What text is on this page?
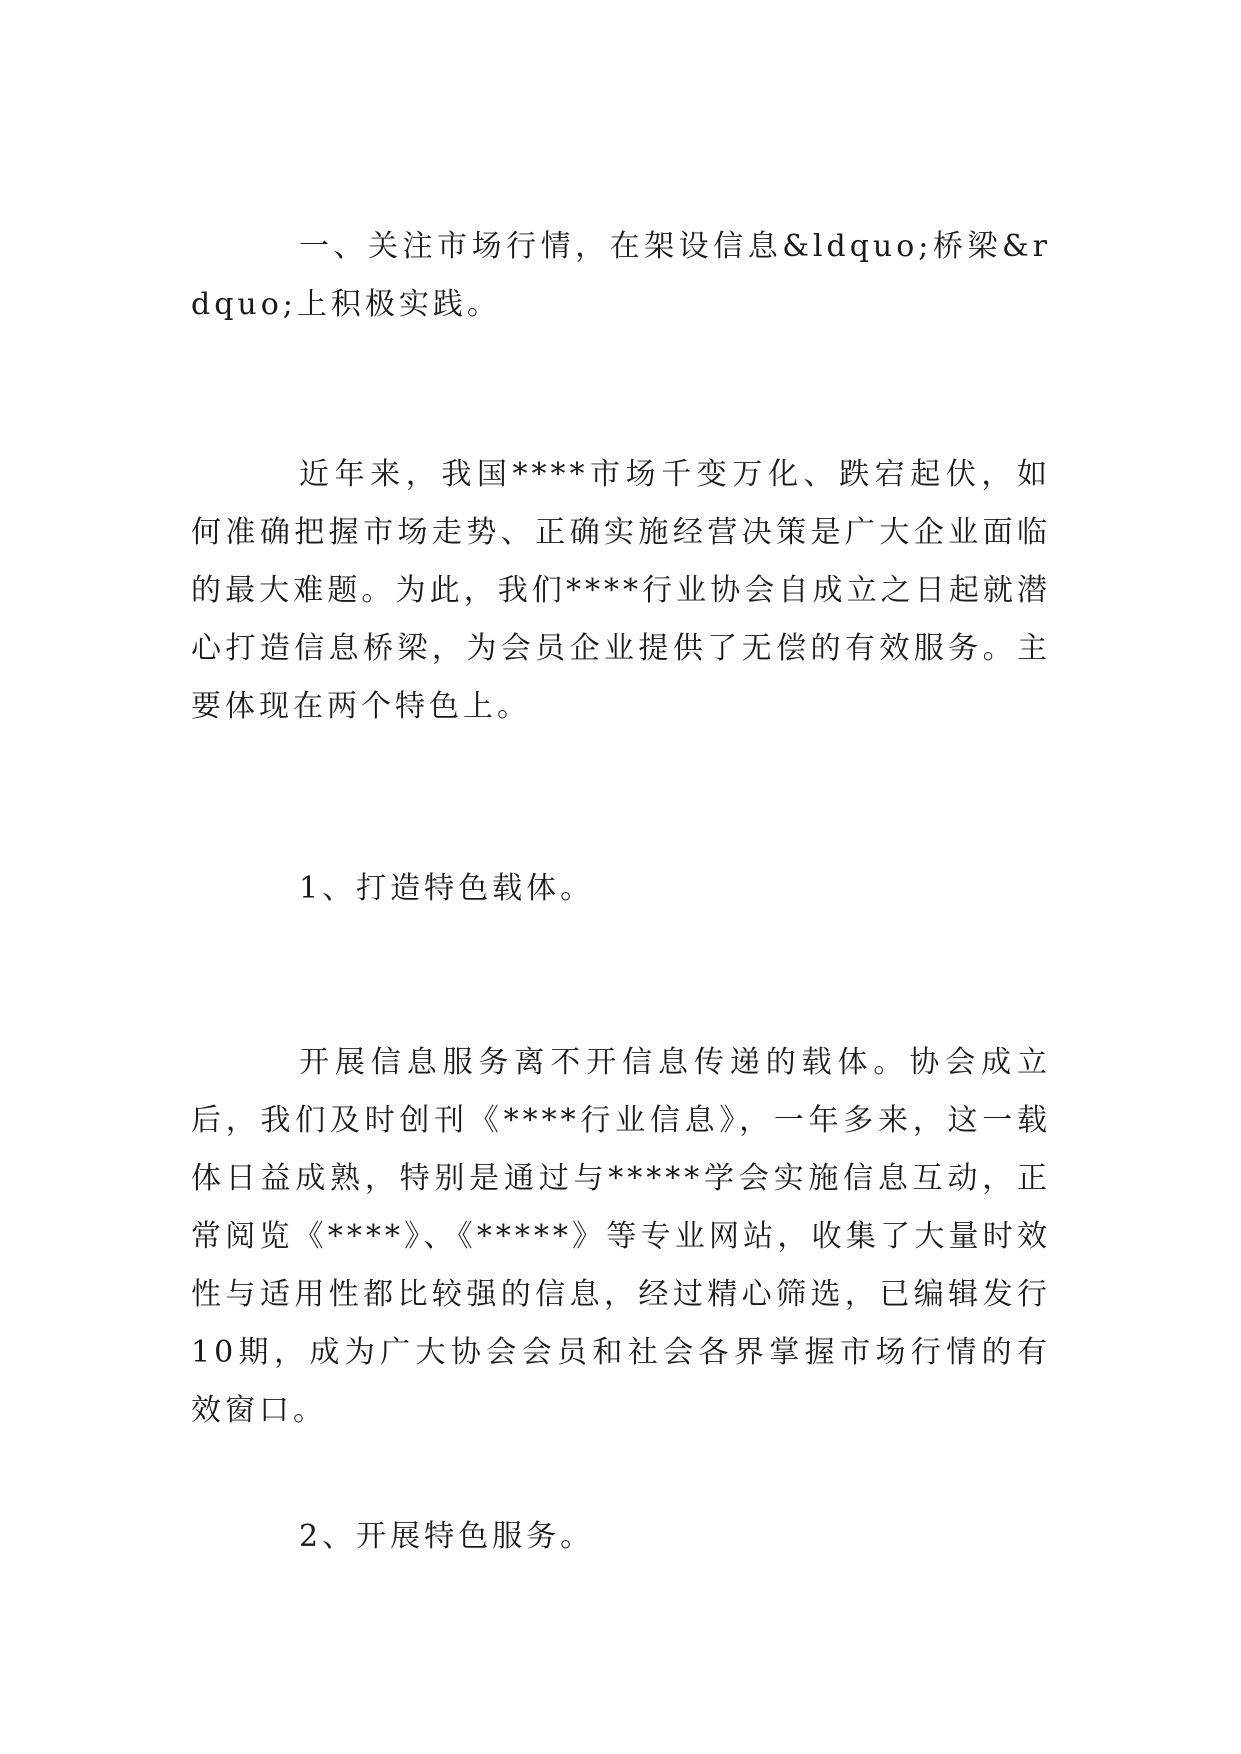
一、关注市场行情，在架设信息&ldquo;桥梁&rdquo;上积极实践。

近年来，我国****市场千变万化、跌宕起伏，如何准确把握市场走势、正确实施经营决策是广大企业面临的最大难题。为此，我们****行业协会自成立之日起就潜心打造信息桥梁，为会员企业提供了无偿的有效服务。主要体现在两个特色上。

1、打造特色载体。

开展信息服务离不开信息传递的载体。协会成立后，我们及时创刊《****行业信息》，一年多来，这一载体日益成熟，特别是通过与*****学会实施信息互动，正常阅览《****》、《*****》等专业网站，收集了大量时效性与适用性都比较强的信息，经过精心筛选，已编辑发行10期，成为广大协会会员和社会各界掌握市场行情的有效窗口。

2、开展特色服务。
